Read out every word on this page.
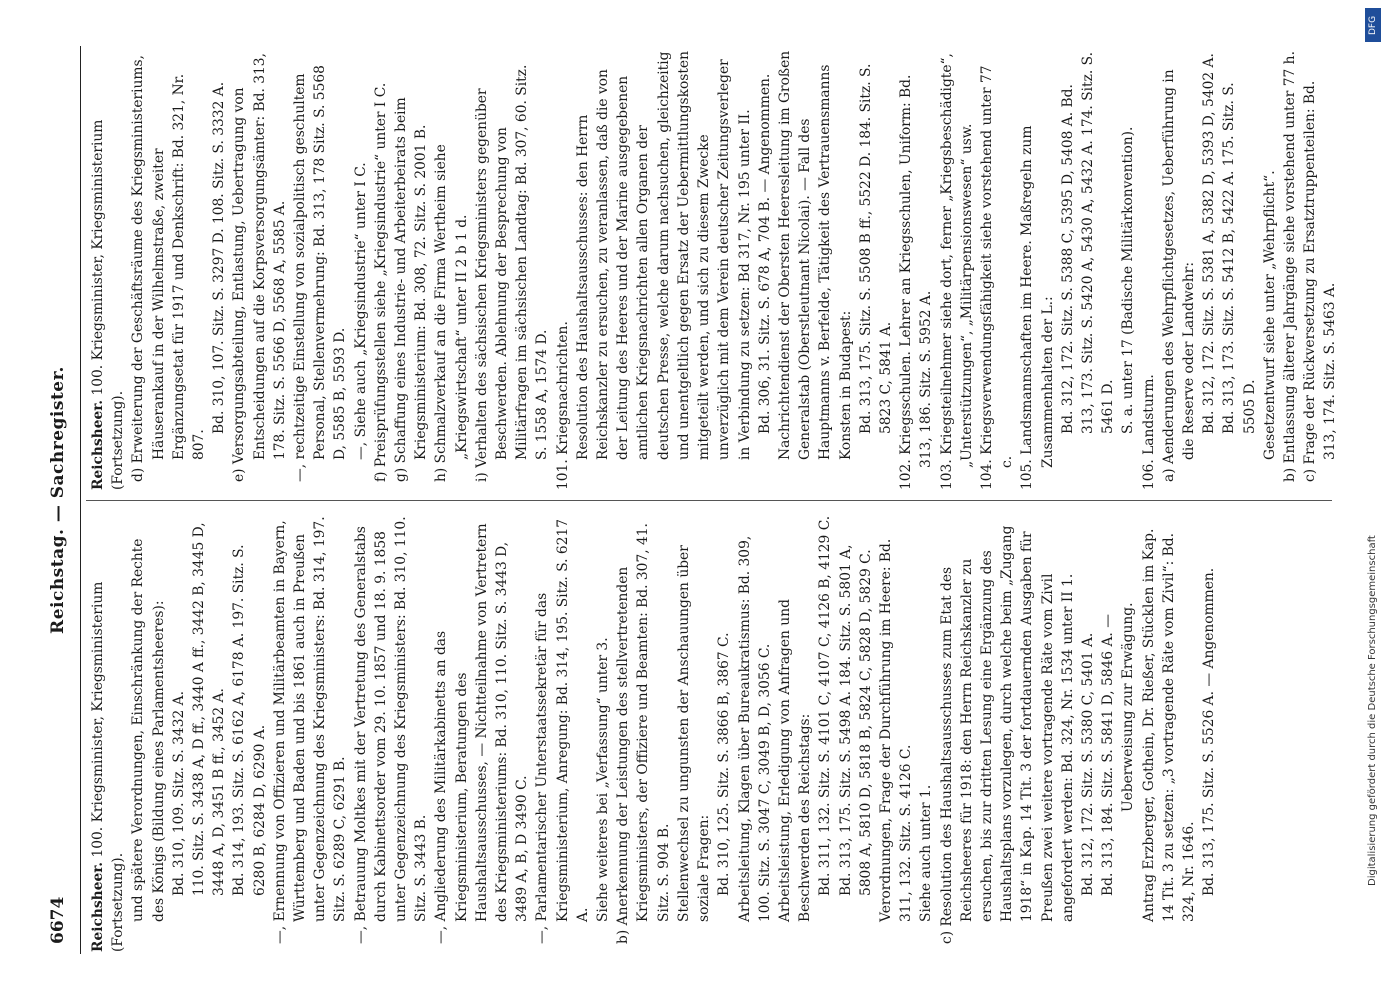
6674
Reichstag. — Sachregister.

Reichsheer. 100. Kriegsminister, Kriegsministerium (Fortsetzung). und spätere Verordnungen, Einschränkung der Rechte des Königs (Bildung eines Parlamentsheeres): Bd. 310, 109. Sitz. S. 3432 A. 110. Sitz. S. 3438 A, D ff., 3440 A ff., 3442 B, 3445 D, 3448 A, D, 3451 B ff., 3452 A. Bd. 314, 193. Sitz. S. 6162 A, 6178 A. 197. Sitz. S. 6280 B, 6284 D, 6290 A. —, Ernennung von Offizieren und Militärbeamten in Bayern, Württemberg und Baden und bis 1861 auch in Preußen unter Gegenzeichnung des Kriegsministers: Bd. 314, 197. Sitz. S. 6289 C, 6291 B. —, Betrauung Moltkes mit der Vertretung des Generalstabs durch Kabinettsorder vom 29. 10. 1857 und 18. 9. 1858 unter Gegenzeichnung des Kriegsministers: Bd. 310, 110. Sitz. S. 3443 B. —, Angliederung des Militärkabinetts an das Kriegsministerium, Beratungen des Haushaltsausschusses, — Nichtteilnahme von Vertretern des Kriegsministeriums: Bd. 310, 110. Sitz. S. 3443 D, 3489 A, B, D 3490 C. —, Parlamentarischer Unterstaatssekretär für das Kriegsministerium, Anregung: Bd. 314, 195. Sitz. S. 6217 A. Siehe weiteres bei „Verfassung“ unter 3. b) Anerkennung der Leistungen des stellvertretenden Kriegsministers, der Offiziere und Beamten: Bd. 307, 41. Sitz. S. 904 B. Stellenwechsel zu ungunsten der Anschauungen über soziale Fragen: Bd. 310, 125. Sitz. S. 3866 B, 3867 C. Arbeitsleitung, Klagen über Bureaukratismus: Bd. 309, 100. Sitz. S. 3047 C, 3049 B, D, 3056 C. Arbeitsleistung, Erledigung von Anfragen und Beschwerden des Reichstags: Bd. 311, 132. Sitz. S. 4101 C, 4107 C, 4126 B, 4129 C. Bd. 313, 175. Sitz. S. 5498 A. 184. Sitz. S. 5801 A, 5808 A, 5810 D, 5818 B, 5824 C, 5828 D, 5829 C. Verordnungen, Frage der Durchführung im Heere: Bd. 311, 132. Sitz. S. 4126 C. Siehe auch unter 1. c) Resolution des Haushaltsausschusses zum Etat des Reichsheeres für 1918: den Herrn Reichskanzler zu ersuchen, bis zur dritten Lesung eine Ergänzung des Haushaltsplans vorzulegen, durch welche beim „Zugang 1918“ in Kap. 14 Tit. 3 der fortdauernden Ausgaben für Preußen zwei weitere vortragende Räte vom Zivil angefordert werden: Bd. 324, Nr. 1534 unter II 1. Bd. 312, 172. Sitz. S. 5380 C, 5401 A. Bd. 313, 184. Sitz. S. 5841 D, 5846 A. — Ueberweisung zur Erwägung. Antrag Erzberger, Gothein, Dr. Rießer, Stücklen im Kap. 14 Tit. 3 zu setzen: „3 vortragende Räte vom Zivil“: Bd. 324, Nr. 1646. Bd. 313, 175. Sitz. S. 5526 A. — Angenommen.

Reichsheer. 100. Kriegsminister, Kriegsministerium (Fortsetzung). d) Erweiterung der Geschäftsräume des Kriegsministeriums, Häuserankauf in der Wilhelmstraße, zweiter Ergänzungsetat für 1917 und Denkschrift: Bd. 321, Nr. 807.

Bd. 310, 107. Sitz. S. 3297 D. 108. Sitz. S. 3332 A. e) Versorgungsabteilung, Entlastung, Uebertragung von Entscheidungen auf die Korpsversorgungsämter: Bd. 313, 178. Sitz. S. 5566 D, 5568 A, 5585 A. —, rechtzeitige Einstellung von sozialpolitisch geschultem Personal, Stellenvermehrung: Bd. 313, 178 Sitz. S. 5568 D, 5585 B, 5593 D. —, Siehe auch „Kriegsindustrie“ unter I C. f) Preisprüfungsstellen siehe „Kriegsindustrie“ unter I C. g) Schaffung eines Industrie- und Arbeiterbeirats beim Kriegsministerium: Bd. 308, 72. Sitz. S. 2001 B. h) Schmalzverkauf an die Firma Wertheim siehe „Kriegswirtschaft“ unter II 2 b 1 d. i) Verhalten des sächsischen Kriegsministers gegenüber Beschwerden. Ablehnung der Besprechung von Militärfragen im sächsischen Landtag: Bd. 307, 60. Sitz. S. 1558 A, 1574 D. 101. Kriegsnachrichten. Resolution des Haushaltsausschusses: den Herrn Reichskanzler zu ersuchen, zu veranlassen, daß die von der Leitung des Heeres und der Marine ausgegebenen amtlichen Kriegsnachrichten allen Organen der deutschen Presse, welche darum nachsuchen, gleichzeitig und unentgeltlich gegen Ersatz der Uebermittlungskosten mitgeteilt werden, und sich zu diesem Zwecke unverzüglich mit dem Verein deutscher Zeitungsverleger in Verbindung zu setzen: Bd 317, Nr. 195 unter II. Bd. 306, 31. Sitz. S. 678 A, 704 B. — Angenommen. Nachrichtendienst der Obersten Heeresleitung im Großen Generalstab (Oberstleutnant Nicolai). — Fall des Hauptmanns v. Berfelde, Tätigkeit des Vertrauensmanns Konsten in Budapest: Bd. 313, 175. Sitz. S. 5508 B ff., 5522 D. 184. Sitz. S. 5823 C, 5841 A. 102. Kriegsschulen. Lehrer an Kriegsschulen, Uniform: Bd. 313, 186. Sitz. S. 5952 A. 103. Kriegsteilnehmer siehe dort, ferner „Kriegsbeschädigte“, „Unterstützungen“, „Militärpensionswesen“ usw. 104. Kriegsverwendungsfähigkeit siehe vorstehend unter 77 c. 105. Landsmannschaften im Heere. Maßregeln zum Zusammenhalten der L.: Bd. 312, 172. Sitz. S. 5388 C, 5395 D, 5408 A. Bd. 313, 173. Sitz. S. 5420 A, 5430 A, 5432 A. 174. Sitz. S. 5461 D. S. a. unter 17 (Badische Militärkonvention). 106. Landsturm. a) Aenderungen des Wehrpflichtgesetzes, Ueberführung in die Reserve oder Landwehr: Bd. 312, 172. Sitz. S. 5381 A, 5382 D, 5393 D, 5402 A. Bd. 313, 173. Sitz. S. 5412 B, 5422 A. 175. Sitz. S. 5505 D. Gesetzentwurf siehe unter „Wehrpflicht“. b) Entlassung älterer Jahrgänge siehe vorstehend unter 77 h. c) Frage der Rückversetzung zu Ersatztruppenteilen: Bd. 313, 174. Sitz. S. 5463 A.

DFG
Digitalisierung gefördert durch die Deutsche Forschungsgemeinschaft
